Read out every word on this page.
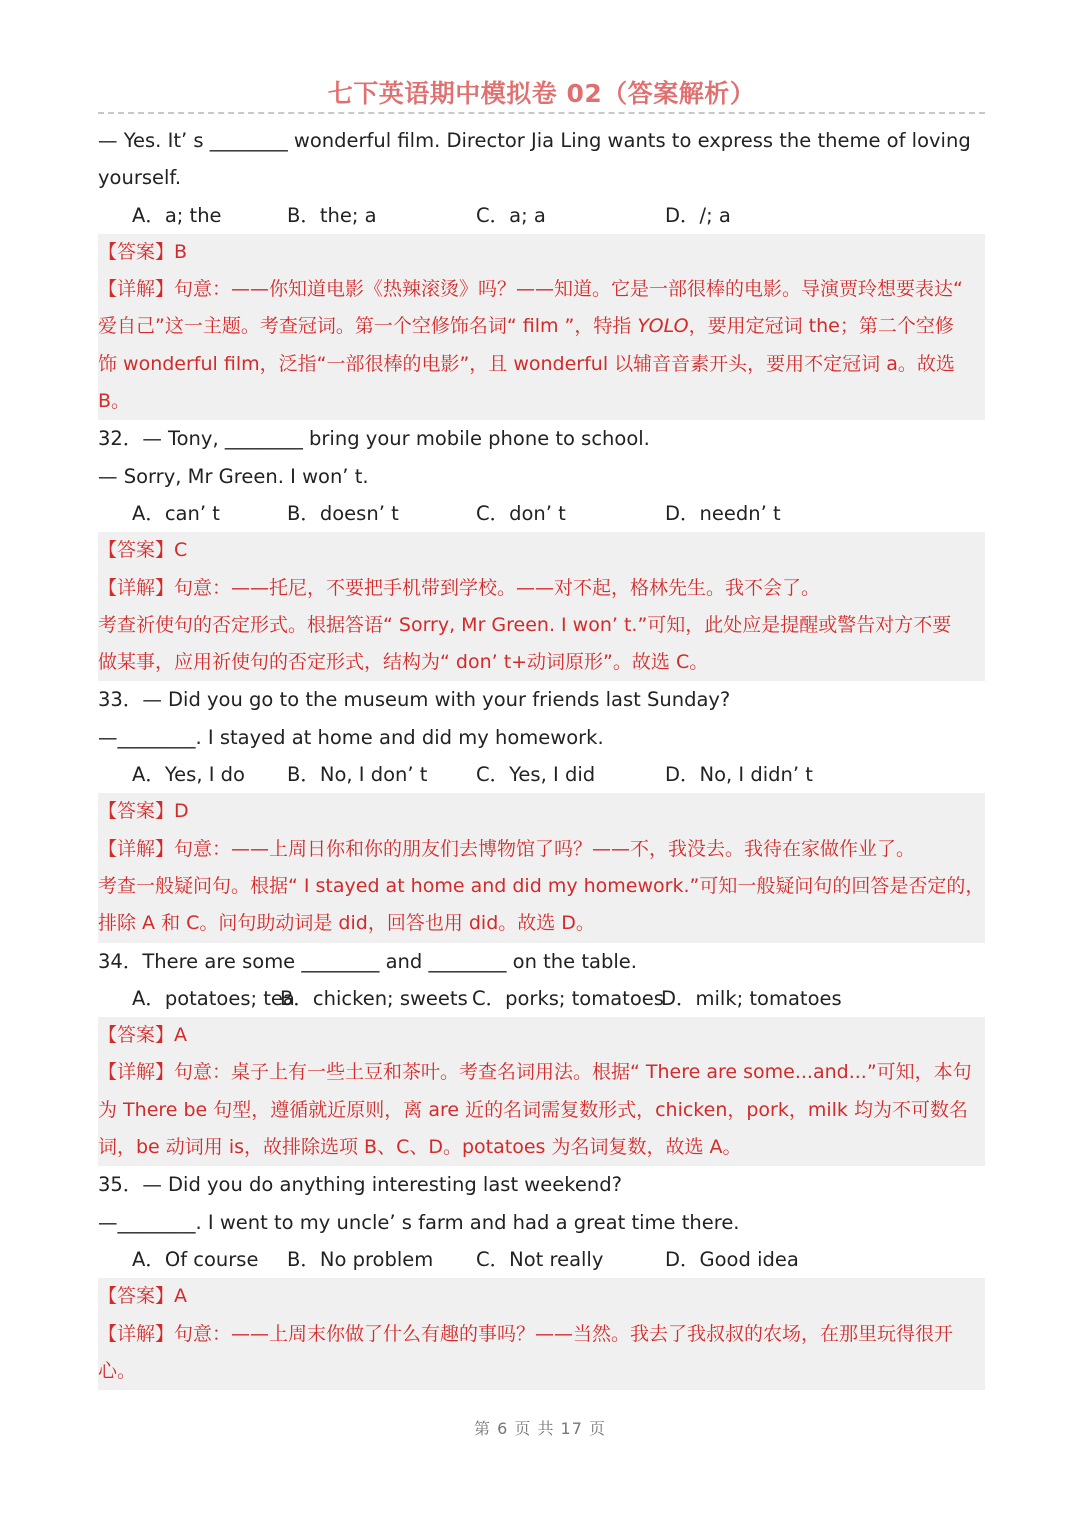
七下英语期中模拟卷 02（答案解析）
— Yes. It’ s ________ wonderful film. Director Jia Ling wants to express the theme of loving
yourself.
A．a; the	B．the; a	C．a; a	D．/; a
【答案】B
【详解】句意：——你知道电影《热辣滚烫》吗？——知道。它是一部很棒的电影。导演贾玲想要表达“
爱自己”这一主题。考查冠词。第一个空修饰名词“ film ”，特指 YOLO，要用定冠词 the；第二个空修
饰 wonderful film，泛指“一部很棒的电影”，且 wonderful 以辅音音素开头，要用不定冠词 a。故选
B。
32．— Tony, ________ bring your mobile phone to school.
— Sorry, Mr Green. I won’ t.
A．can’ t	B．doesn’ t	C．don’ t	D．needn’ t
【答案】C
【详解】句意：——托尼，不要把手机带到学校。——对不起，格林先生。我不会了。
考查祈使句的否定形式。根据答语“ Sorry, Mr Green. I won’ t.”可知，此处应是提醒或警告对方不要
做某事，应用祈使句的否定形式，结构为“ don’ t+动词原形”。故选 C。
33．— Did you go to the museum with your friends last Sunday?
—________. I stayed at home and did my homework.
A．Yes, I do	B．No, I don’ t	C．Yes, I did	D．No, I didn’ t
【答案】D
【详解】句意：——上周日你和你的朋友们去博物馆了吗？——不，我没去。我待在家做作业了。
考查一般疑问句。根据“ I stayed at home and did my homework.”可知一般疑问句的回答是否定的，
排除 A 和 C。问句助动词是 did，回答也用 did。故选 D。
34．There are some ________ and ________ on the table.
A．potatoes; tea
B．chicken; sweets C．porks; tomatoes
D．milk; tomatoes
【答案】A
【详解】句意：桌子上有一些土豆和茶叶。考查名词用法。根据“ There are some...and...”可知，本句
为 There be 句型，遵循就近原则，离 are 近的名词需复数形式，chicken，pork，milk 均为不可数名
词，be 动词用 is，故排除选项 B、C、D。potatoes 为名词复数，故选 A。
35．— Did you do anything interesting last weekend?
—________. I went to my uncle’ s farm and had a great time there.
A．Of course	B．No problem	C．Not really	D．Good idea
【答案】A
【详解】句意：——上周末你做了什么有趣的事吗？——当然。我去了我叔叔的农场，在那里玩得很开
心。
第 6 页 共 17 页
